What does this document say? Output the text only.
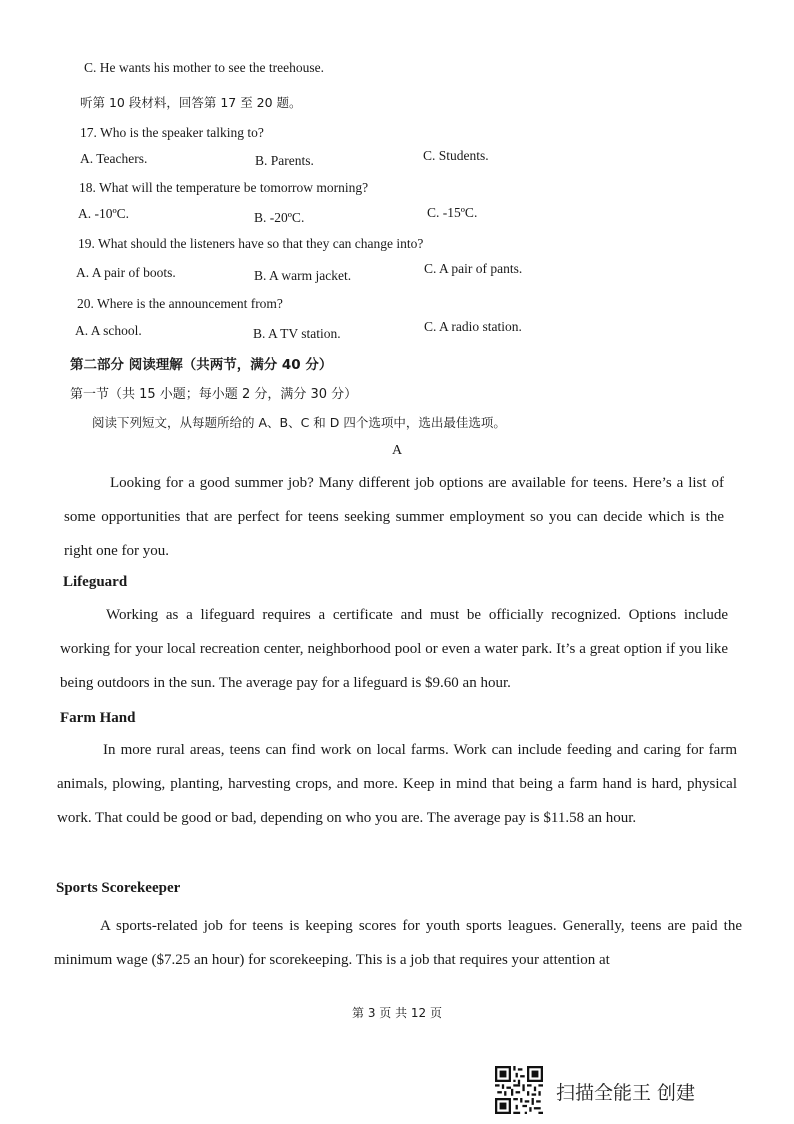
C. He wants his mother to see the treehouse.
听第 10 段材料，回答第 17 至 20 题。
17. Who is the speaker talking to?
A. Teachers.	B. Parents.	C. Students.
18. What will the temperature be tomorrow morning?
A. -10ºC.	B. -20ºC.	C. -15ºC.
19. What should the listeners have so that they can change into?
A. A pair of boots.	B. A warm jacket.	C. A pair of pants.
20. Where is the announcement from?
A. A school.	B. A TV station.	C. A radio station.
第二部分 阅读理解（共两节，满分 40 分）
第一节（共 15 小题；每小题 2 分，满分 30 分）
阅读下列短文，从每题所给的 A、B、C 和 D 四个选项中，选出最佳选项。
A

Looking for a good summer job? Many different job options are available for teens. Here’s a list of some opportunities that are perfect for teens seeking summer employment so you can decide which is the right one for you.

Lifeguard

Working as a lifeguard requires a certificate and must be officially recognized. Options include working for your local recreation center, neighborhood pool or even a water park. It’s a great option if you like being outdoors in the sun. The average pay for a lifeguard is $9.60 an hour.

Farm Hand

In more rural areas, teens can find work on local farms. Work can include feeding and caring for farm animals, plowing, planting, harvesting crops, and more. Keep in mind that being a farm hand is hard, physical work. That could be good or bad, depending on who you are. The average pay is $11.58 an hour.

Sports Scorekeeper

A sports-related job for teens is keeping scores for youth sports leagues. Generally, teens are paid the minimum wage ($7.25 an hour) for scorekeeping. This is a job that requires your attention at

第 3 页 共 12 页
扫描全能王 创建
